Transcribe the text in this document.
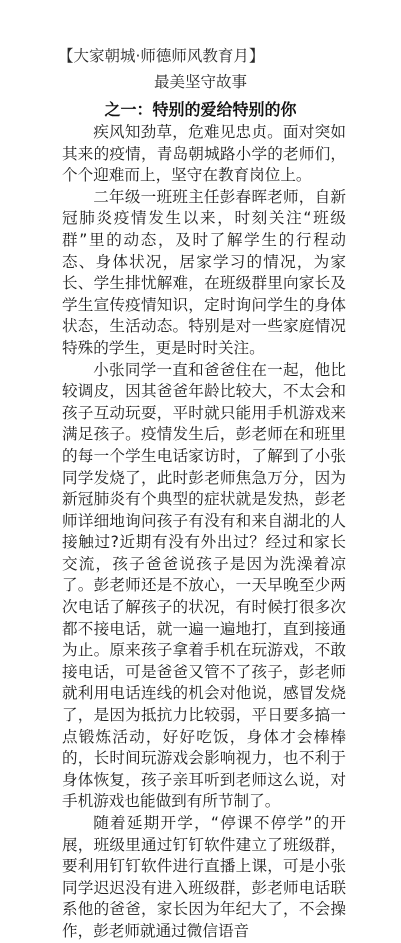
【大家朝城·师德师风教育月】
最美坚守故事
之一：特别的爱给特别的你

疾风知劲草，危难见忠贞。面对突如其来的疫情，青岛朝城路小学的老师们，个个迎难而上，坚守在教育岗位上。

二年级一班班主任彭春晖老师，自新冠肺炎疫情发生以来，时刻关注“班级群”里的动态，及时了解学生的行程动态、身体状况，居家学习的情况，为家长、学生排忧解难，在班级群里向家长及学生宣传疫情知识，定时询问学生的身体状态，生活动态。特别是对一些家庭情况特殊的学生，更是时时关注。

小张同学一直和爸爸住在一起，他比较调皮，因其爸爸年龄比较大，不太会和孩子互动玩耍，平时就只能用手机游戏来满足孩子。疫情发生后，彭老师在和班里的每一个学生电话家访时，了解到了小张同学发烧了，此时彭老师焦急万分，因为新冠肺炎有个典型的症状就是发热，彭老师详细地询问孩子有没有和来自湖北的人接触过?近期有没有外出过？经过和家长交流，孩子爸爸说孩子是因为洗澡着凉了。彭老师还是不放心，一天早晚至少两次电话了解孩子的状况，有时候打很多次都不接电话，就一遍一遍地打，直到接通为止。原来孩子拿着手机在玩游戏，不敢接电话，可是爸爸又管不了孩子，彭老师就利用电话连线的机会对他说，感冒发烧了，是因为抵抗力比较弱，平日要多搞一点锻炼活动，好好吃饭，身体才会棒棒的，长时间玩游戏会影响视力，也不利于身体恢复，孩子亲耳听到老师这么说，对手机游戏也能做到有所节制了。

随着延期开学，“停课不停学”的开展，班级里通过钉钉软件建立了班级群，要利用钉钉软件进行直播上课，可是小张同学迟迟没有进入班级群，彭老师电话联系他的爸爸，家长因为年纪大了，不会操作，彭老师就通过微信语音
